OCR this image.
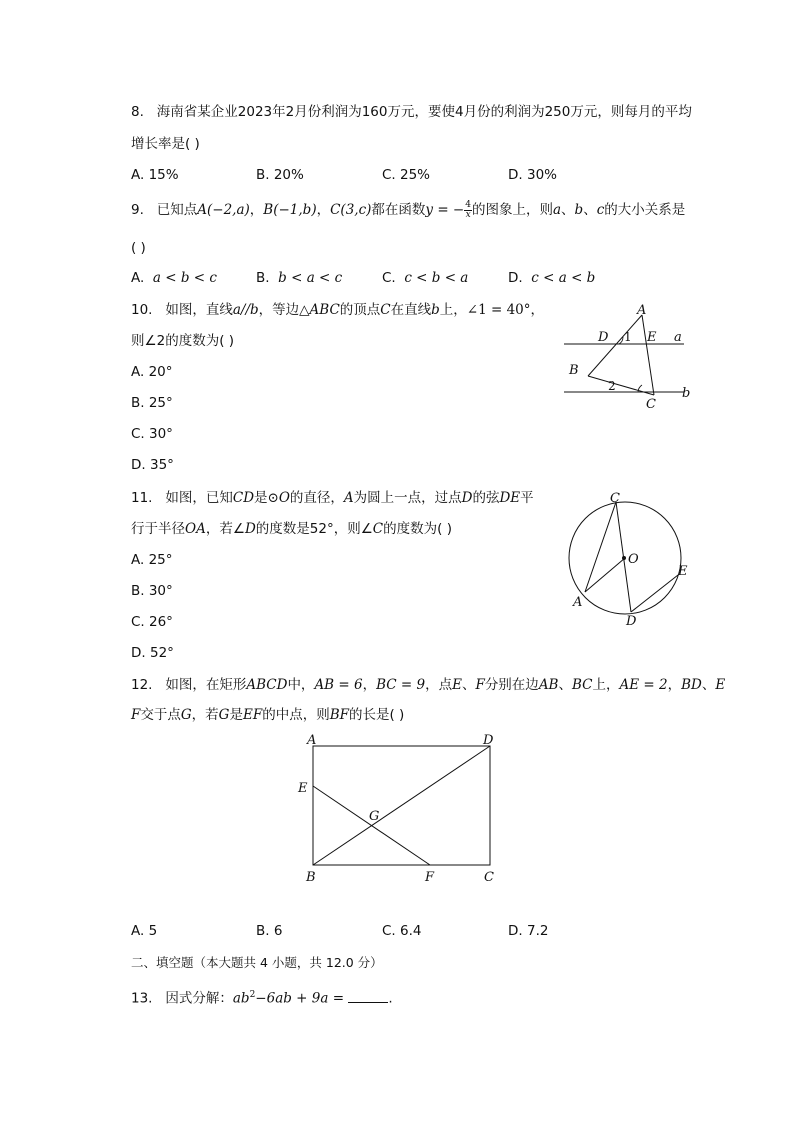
8. 海南省某企业2023年2月份利润为160万元，要使4月份的利润为250万元，则每月的平均
增长率是( )
A. 15%	B. 20%	C. 25%	D. 30%
9. 已知点A(−2,a)，B(−1,b)，C(3,c)都在函数y = − $\frac{4}{x}$ 的图象上，则a、b、c的大小关系是
( )
A. a < b < c	B. b < a < c	C. c < b < a	D. c < a < b
10. 如图，直线a//b，等边△ABC的顶点C在直线b上，∠1 = 40°，
则∠2的度数为( )
A. 20°
B. 25°
C. 30°
D. 35°
A
D 1 E a
B
2
C
b
11. 如图，已知CD是⊙O的直径，A为圆上一点，过点D的弦DE平
行于半径OA，若∠D的度数是52°，则∠C的度数为( )
A. 25°
B. 30°
C. 26°
D. 52°
C
O
E
A
D
12. 如图，在矩形ABCD中，AB = 6，BC = 9，点E、F分别在边AB、BC上，AE = 2，BD、E
F交于点G，若G是EF的中点，则BF的长是( )
A	D
E
G
B	F	C
A. 5	B. 6	C. 6.4	D. 7.2
二、填空题（本大题共 4 小题，共 12.0 分）
13. 因式分解：$ab^2-6ab + 9a$ =	.
